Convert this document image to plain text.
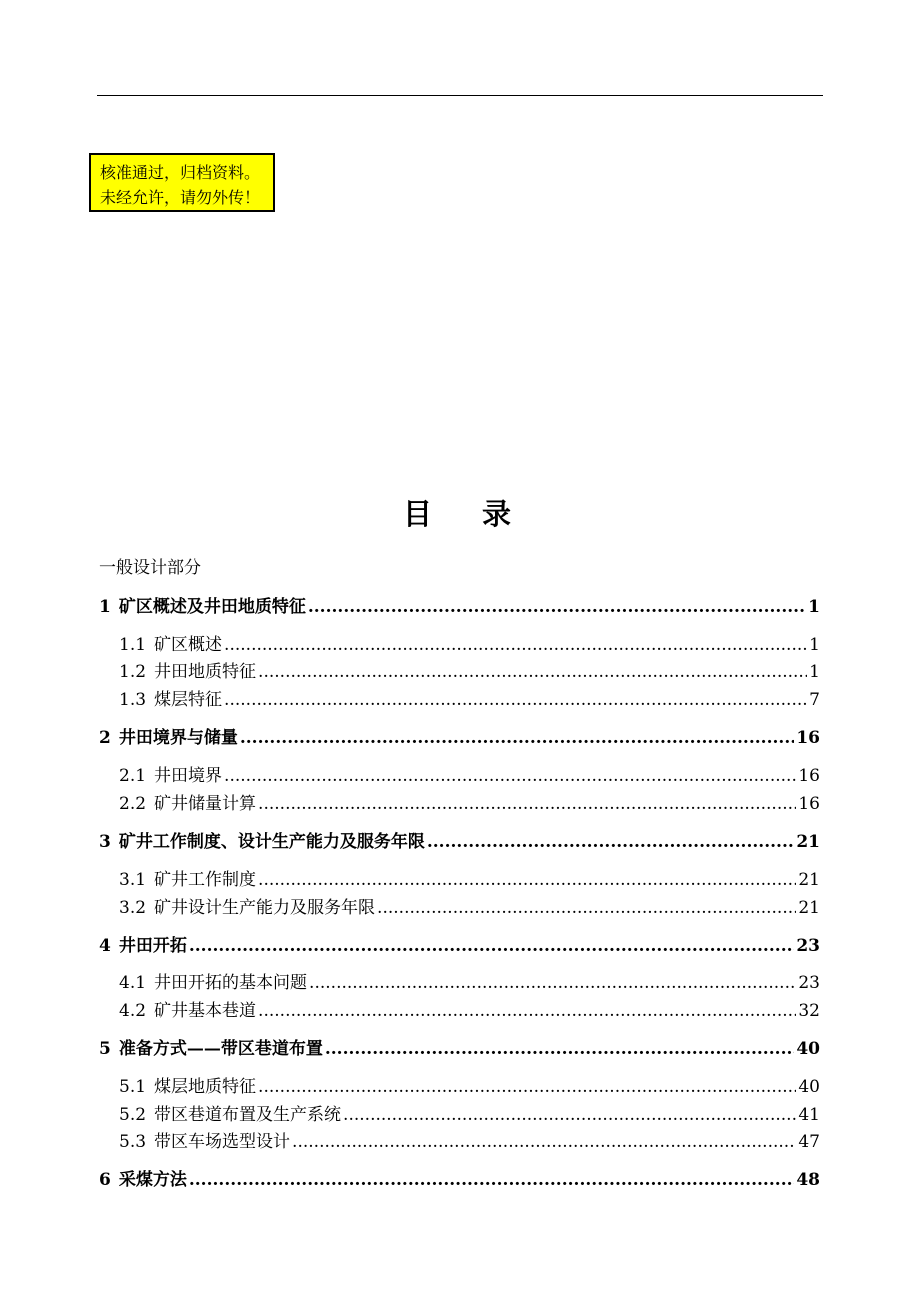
核准通过，归档资料。
未经允许，请勿外传！
目 录
一般设计部分
1 矿区概述及井田地质特征 .....	1
1.1 矿区概述 .....	1
1.2 井田地质特征 .....	1
1.3 煤层特征 .....	7
2 井田境界与储量 .....	16
2.1 井田境界 .....	16
2.2 矿井储量计算 .....	16
3 矿井工作制度、设计生产能力及服务年限 .....	21
3.1 矿井工作制度 .....	21
3.2 矿井设计生产能力及服务年限 .....	21
4 井田开拓 .....	23
4.1 井田开拓的基本问题 .....	23
4.2 矿井基本巷道 .....	32
5 准备方式——带区巷道布置 .....	40
5.1 煤层地质特征 .....	40
5.2 带区巷道布置及生产系统 .....	41
5.3 带区车场选型设计 .....	47
6 采煤方法 .....	48
